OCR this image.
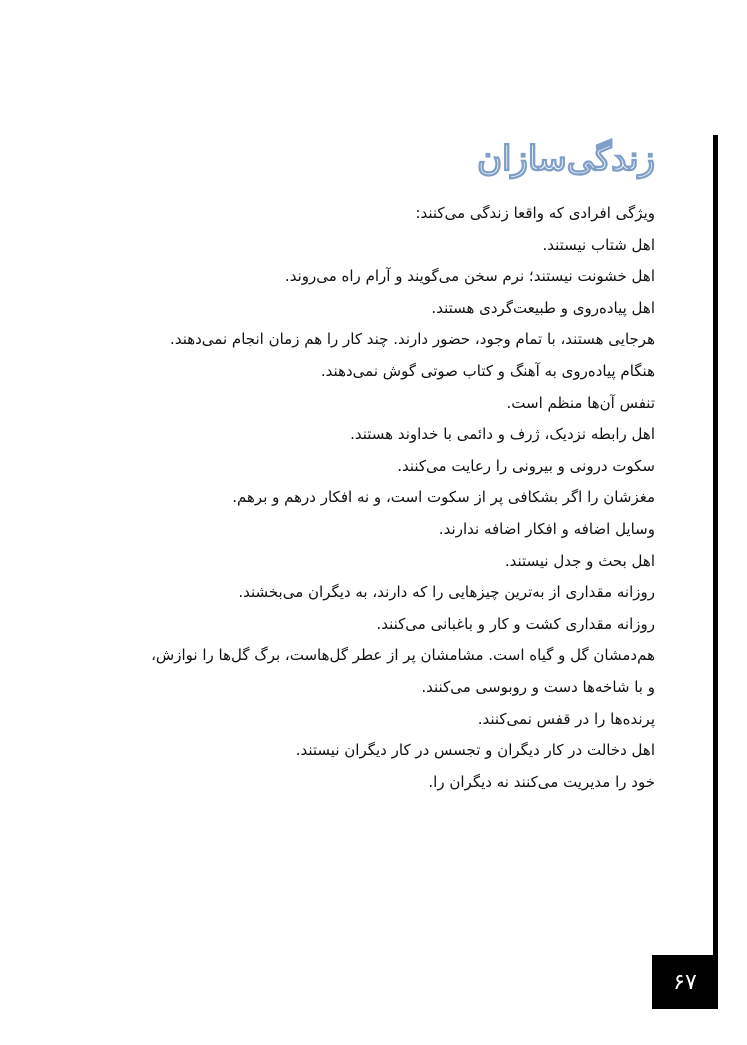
زندگی‌سازان
ویژگی افرادی که واقعا زندگی می‌کنند:
اهل شتاب نیستند.
اهل خشونت نیستند؛ نرم سخن می‌گویند و آرام راه می‌روند.
اهل پیاده‌روی و طبیعت‌گردی هستند.
هرجایی هستند، با تمام وجود، حضور دارند. چند کار را هم زمان انجام نمی‌دهند.
هنگام پیاده‌روی به آهنگ و کتاب صوتی گوش نمی‌دهند.
تنفس آن‌ها منظم است.
اهل رابطه نزدیک، ژرف و دائمی با خداوند هستند.
سکوت درونی و بیرونی را رعایت می‌کنند.
مغزشان را اگر بشکافی پر از سکوت است، و نه افکار درهم و برهم.
وسایل اضافه و افکار اضافه ندارند.
اهل بحث و جدل نیستند.
روزانه مقداری از به‌ترین چیزهایی را که دارند، به دیگران می‌بخشند.
روزانه مقداری کشت و کار و باغبانی می‌کنند.
هم‌دمشان گل و گیاه است. مشامشان پر از عطر گل‌هاست، برگ گل‌ها را نوازش،
و با شاخه‌ها دست و روبوسی می‌کنند.
پرنده‌ها را در قفس نمی‌کنند.
اهل دخالت در کار دیگران و تجسس در کار دیگران نیستند.
خود را مدیریت می‌کنند نه دیگران را.
۶۷
